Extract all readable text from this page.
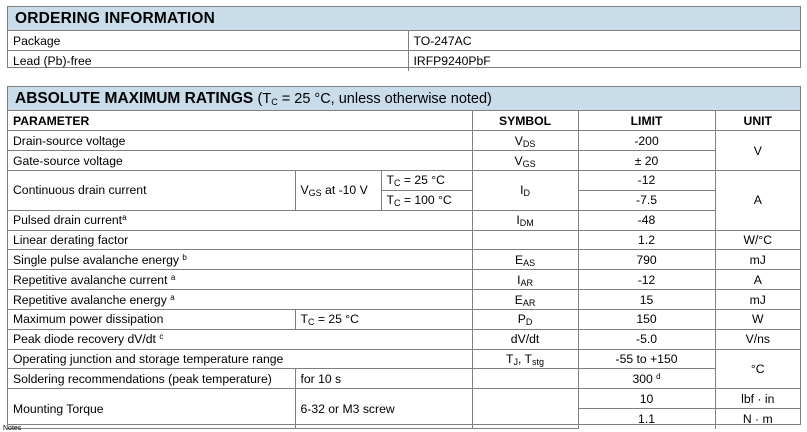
ORDERING INFORMATION
Package	TO-247AC
Lead (Pb)-free	IRFP9240PbF
ABSOLUTE MAXIMUM RATINGS ($T_C = 25$ °C, unless otherwise noted)
PARAMETER			SYMBOL	LIMIT	UNIT
Drain-source voltage			$V_{DS}$	-200	V
Gate-source voltage			$V_{GS}$	± 20	
Continuous drain current	$V_{GS}$ at -10 V	$T_C = 25$ °C	$I_D$	-12	A
		$T_C = 100$ °C		-7.5	
Pulsed drain current$^a$			$I_{DM}$	-48	
Linear derating factor				1.2	W/°C
Single pulse avalanche energy $^b$			$E_{AS}$	790	mJ
Repetitive avalanche current $^a$			$I_{AR}$	-12	A
Repetitive avalanche energy $^a$			$E_{AR}$	15	mJ
Maximum power dissipation	$T_C = 25$ °C		$P_D$	150	W
Peak diode recovery dV/dt $^c$			dV/dt	-5.0	V/ns
Operating junction and storage temperature range			$T_J$, $T_{stg}$	-55 to +150	°C
Soldering recommendations (peak temperature)	for 10 s			300 $^d$
Mounting Torque	6-32 or M3 screw			10	lbf · in
				1.1	N · m
Notes
